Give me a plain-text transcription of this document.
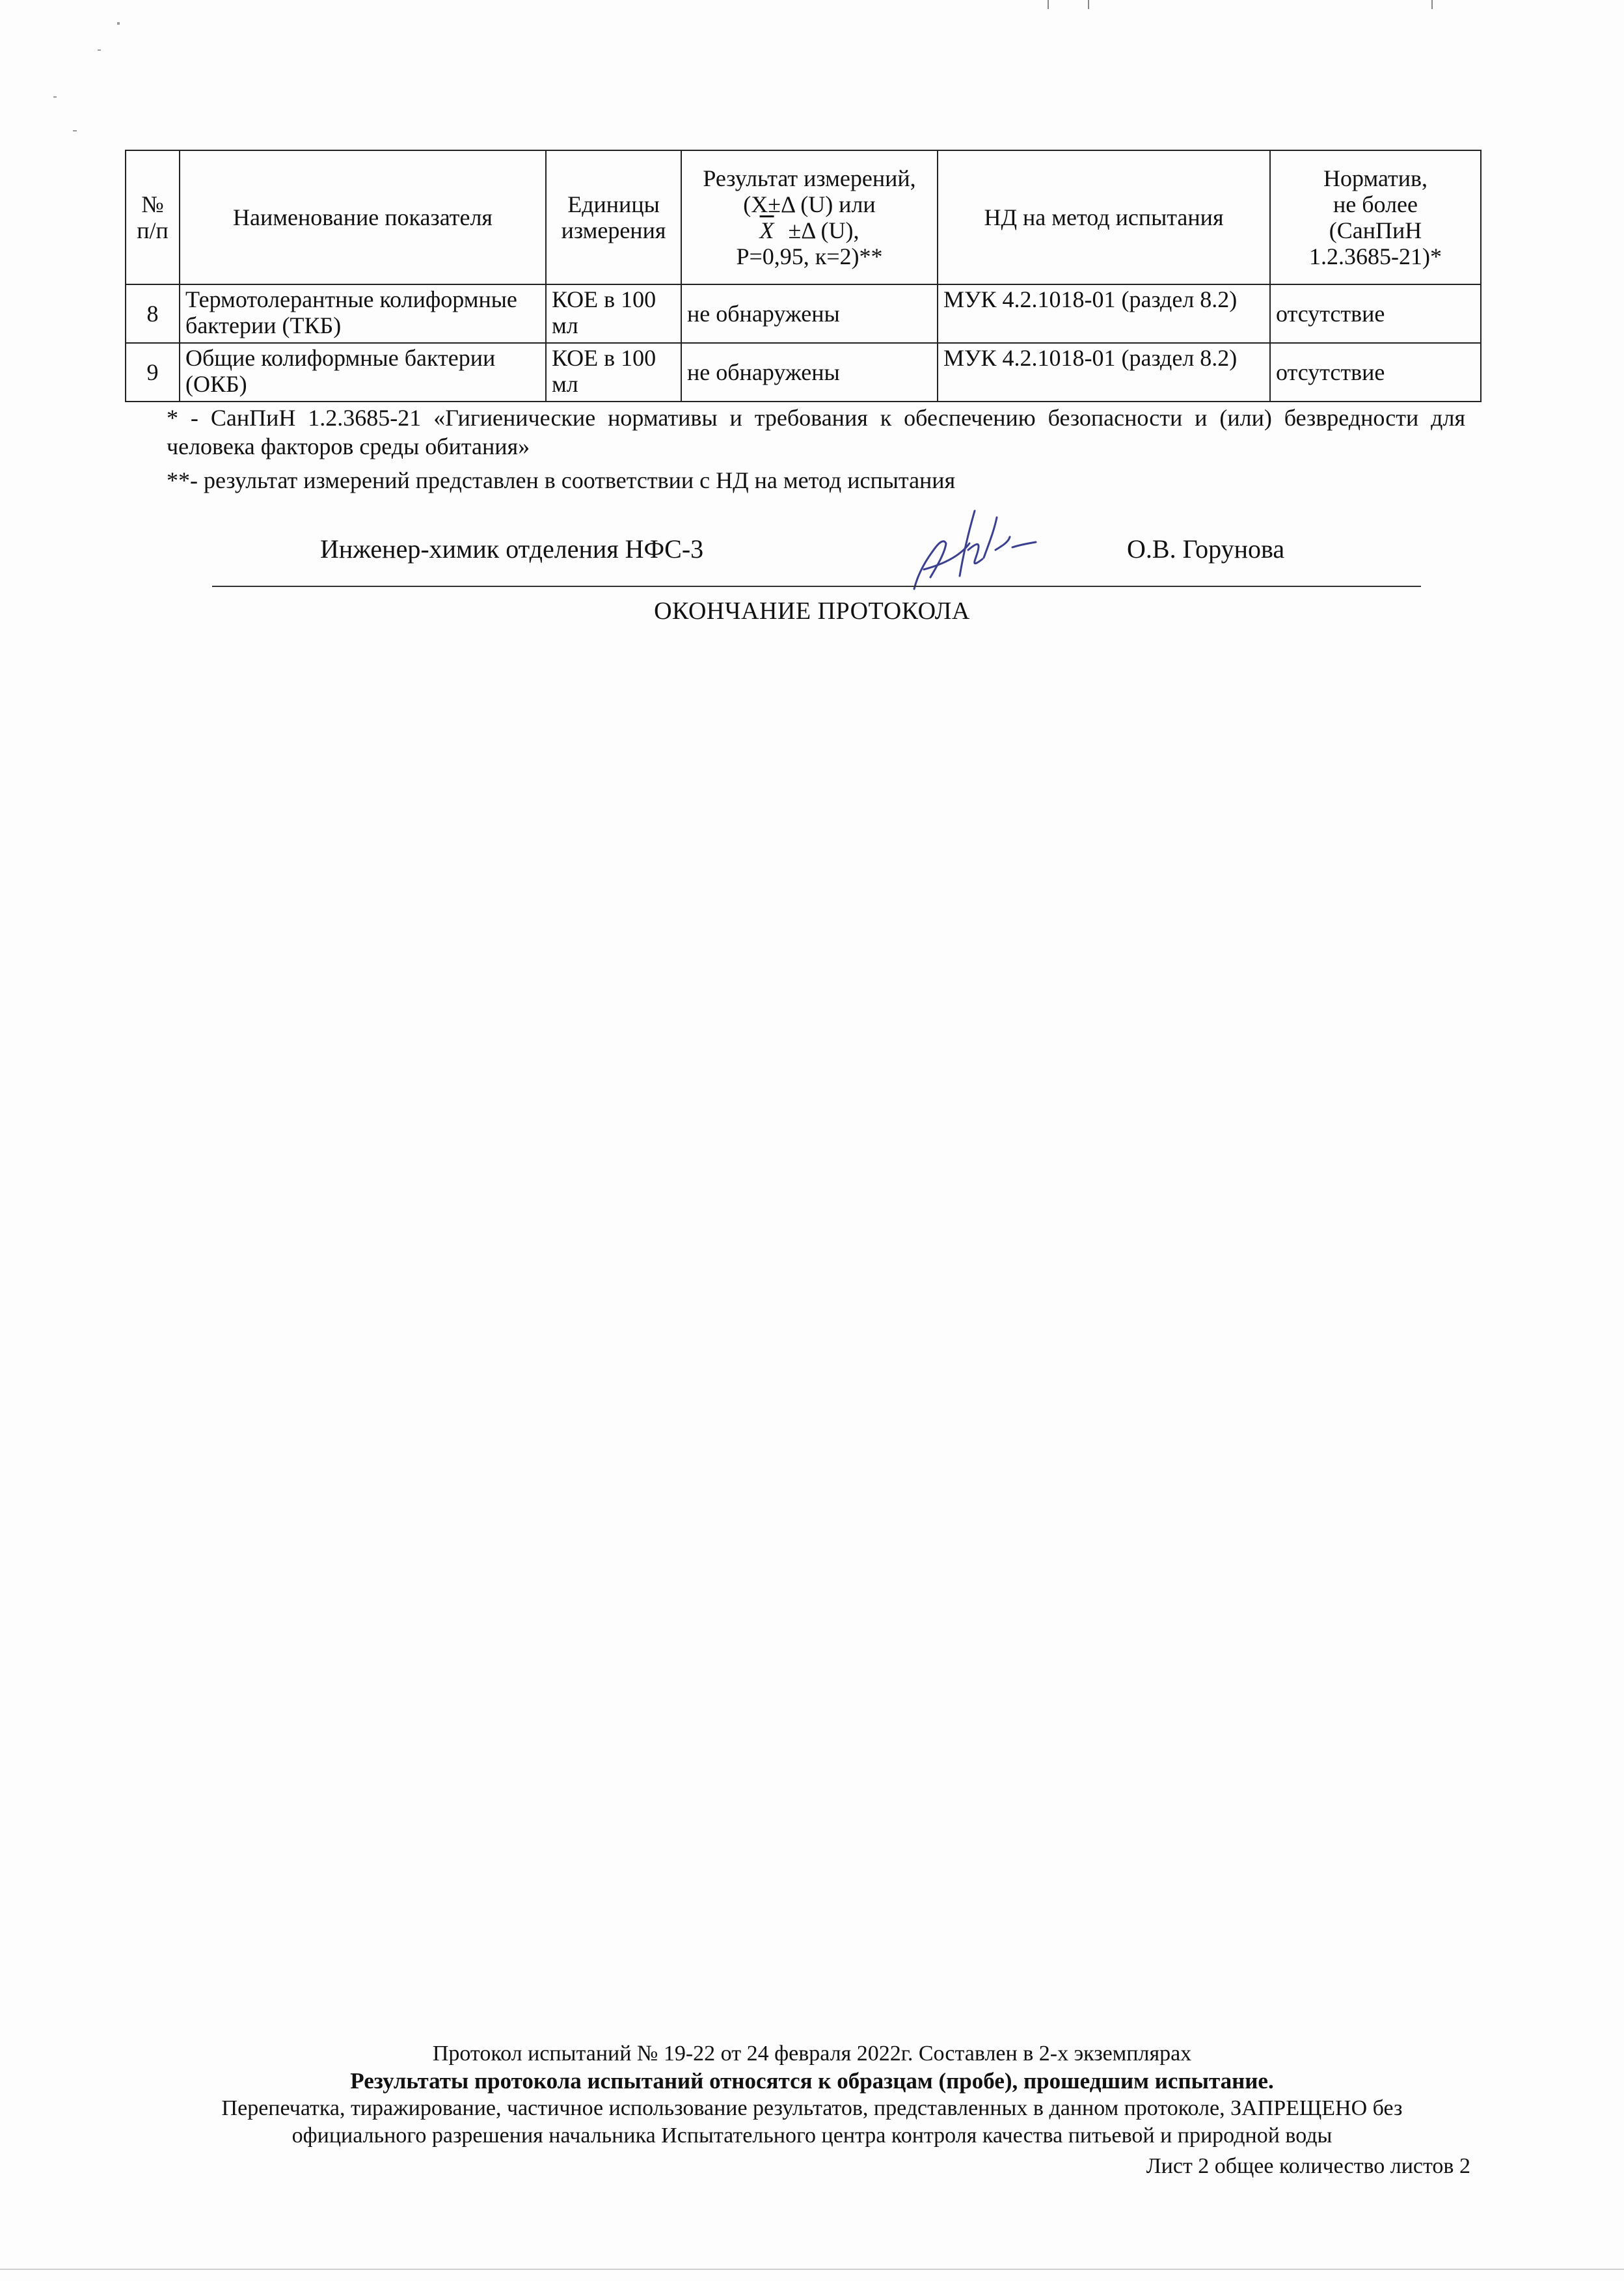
№ п/п	Наименование показателя	Единицы измерения	Результат измерений,
(X±Δ (U) или
$\overline{X} \pm\Delta$ (U),
P=0,95, к=2)**	НД на метод испытания	Норматив,
не более
(СанПиН
1.2.3685-21)*

8	Термотолерантные колиформные бактерии (ТКБ)	КОЕ в 100 мл	не обнаружены	МУК 4.2.1018-01 (раздел 8.2)	отсутствие
9	Общие колиформные бактерии (ОКБ)	КОЕ в 100 мл	не обнаружены	МУК 4.2.1018-01 (раздел 8.2)	отсутствие
* - СанПиН 1.2.3685-21 «Гигиенические нормативы и требования к обеспечению безопасности и (или) безвредности для человека факторов среды обитания»
**- результат измерений представлен в соответствии с НД на метод испытания
Инженер-химик отделения НФС-3	О.В. Горунова
ОКОНЧАНИЕ ПРОТОКОЛА
Протокол испытаний № 19-22 от 24 февраля 2022г. Составлен в 2-х экземплярах
Результаты протокола испытаний относятся к образцам (пробе), прошедшим испытание.
Перепечатка, тиражирование, частичное использование результатов, представленных в данном протоколе, ЗАПРЕЩЕНО без
официального разрешения начальника Испытательного центра контроля качества питьевой и природной воды
Лист 2 общее количество листов 2
